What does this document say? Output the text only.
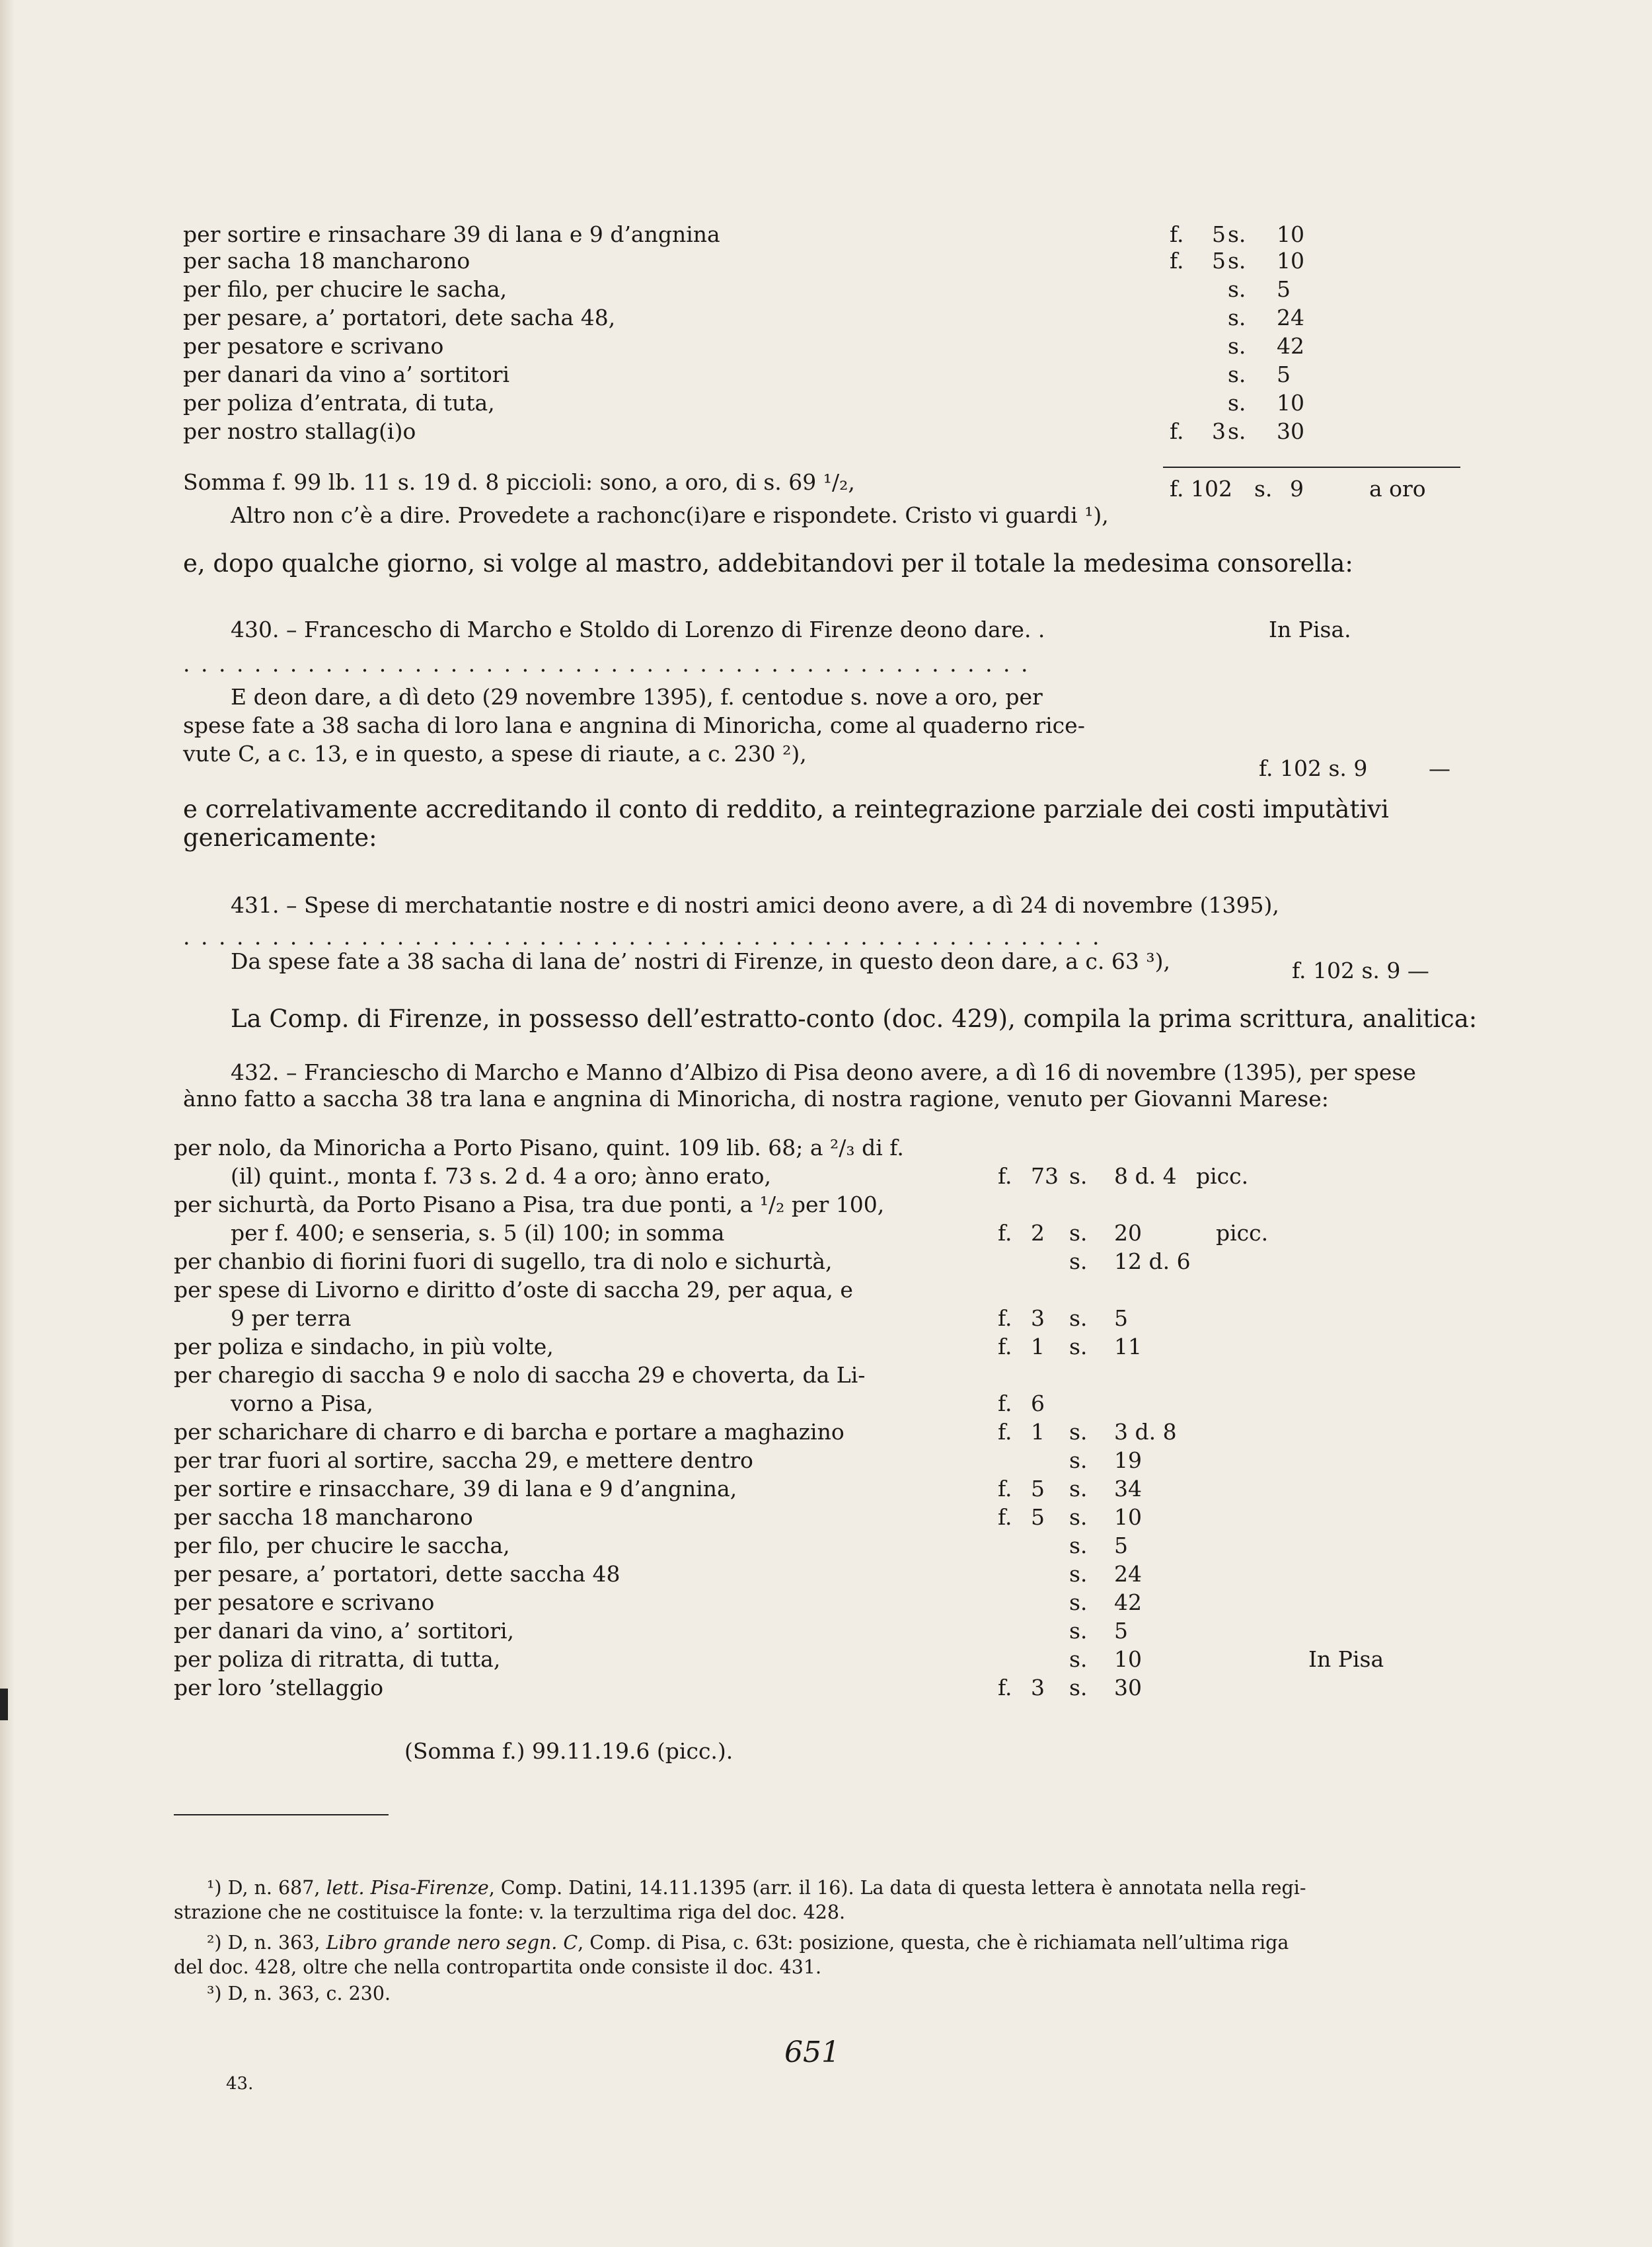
per sortire e rinsachare 39 di lana e 9 d’angnina	f. 5 s. 10
per sacha 18 mancharono	f. 5 s. 10
per filo, per chucire le sacha,	s. 5
per pesare, a’ portatori, dete sacha 48,	s. 24
per pesatore e scrivano	s. 42
per danari da vino a’ sortitori	s. 5
per poliza d’entrata, di tuta,	s. 10
per nostro stallag(i)o	f. 3 s. 30
Somma f. 99 lb. 11 s. 19 d. 8 piccioli: sono, a oro, di s. 69 ¹/₂,	f. 102 s. 9	a oro
Altro non c’è a dire. Provedete a rachonc(i)are e rispondete. Cristo vi guardi ¹),
e, dopo qualche giorno, si volge al mastro, addebitandovi per il totale la medesima consorella:
430. – Francescho di Marcho e Stoldo di Lorenzo di Firenze deono dare. .	In Pisa.
. . . . . . . . . . . . . . . . . . . . . . . . . . . . . . . . . . . . . . . . . . . . . . . .
E deon dare, a dì deto (29 novembre 1395), f. centodue s. nove a oro, per
spese fate a 38 sacha di loro lana e angnina di Minoricha, come al quaderno rice-
vute C, a c. 13, e in questo, a spese di riaute, a c. 230 ²),
f. 102 s. 9	—
e correlativamente accreditando il conto di reddito, a reintegrazione parziale dei costi imputàtivi
genericamente:
431. – Spese di merchatantie nostre e di nostri amici deono avere, a dì 24 di novembre (1395),
. . . . . . . . . . . . . . . . . . . . . . . . . . . . . . . . . . . . . . . . . . . . . . . . . . . .
Da spese fate a 38 sacha di lana de’ nostri di Firenze, in questo deon dare, a c. 63 ³),	f. 102 s. 9 —
La Comp. di Firenze, in possesso dell’estratto-conto (doc. 429), compila la prima scrittura, analitica:
432. – Franciescho di Marcho e Manno d’Albizo di Pisa deono avere, a dì 16 di novembre (1395), per spese
ànno fatto a saccha 38 tra lana e angnina di Minoricha, di nostra ragione, venuto per Giovanni Marese:
per nolo, da Minoricha a Porto Pisano, quint. 109 lib. 68; a ²/₃ di f.
(il) quint., monta f. 73 s. 2 d. 4 a oro; ànno erato,	f. 73 s. 8 d. 4 picc.
per sichurtà, da Porto Pisano a Pisa, tra due ponti, a ¹/₂ per 100,
per f. 400; e senseria, s. 5 (il) 100; in somma	f. 2 s. 20	picc.
per chanbio di fiorini fuori di sugello, tra di nolo e sichurtà,	s. 12 d. 6
per spese di Livorno e diritto d’oste di saccha 29, per aqua, e
9 per terra	f. 3 s. 5
per poliza e sindacho, in più volte,	f. 1 s. 11
per charegio di saccha 9 e nolo di saccha 29 e choverta, da Li-
vorno a Pisa,	f. 6
per scharichare di charro e di barcha e portare a maghazino	f. 1 s. 3 d. 8
per trar fuori al sortire, saccha 29, e mettere dentro	s. 19
per sortire e rinsacchare, 39 di lana e 9 d’angnina,	f. 5 s. 34
per saccha 18 mancharono	f. 5 s. 10
per filo, per chucire le saccha,	s. 5
per pesare, a’ portatori, dette saccha 48	s. 24
per pesatore e scrivano	s. 42
per danari da vino, a’ sortitori,	s. 5
per poliza di ritratta, di tutta,	s. 10	In Pisa
per loro ’stellaggio	f. 3 s. 30
(Somma f.) 99.11.19.6 (picc.).
¹) D, n. 687, lett. Pisa-Firenze, Comp. Datini, 14.11.1395 (arr. il 16). La data di questa lettera è annotata nella regi-
strazione che ne costituisce la fonte: v. la terzultima riga del doc. 428.
²) D, n. 363, Libro grande nero segn. C, Comp. di Pisa, c. 63t: posizione, questa, che è richiamata nell’ultima riga
del doc. 428, oltre che nella contropartita onde consiste il doc. 431.
³) D, n. 363, c. 230.
651
43.
